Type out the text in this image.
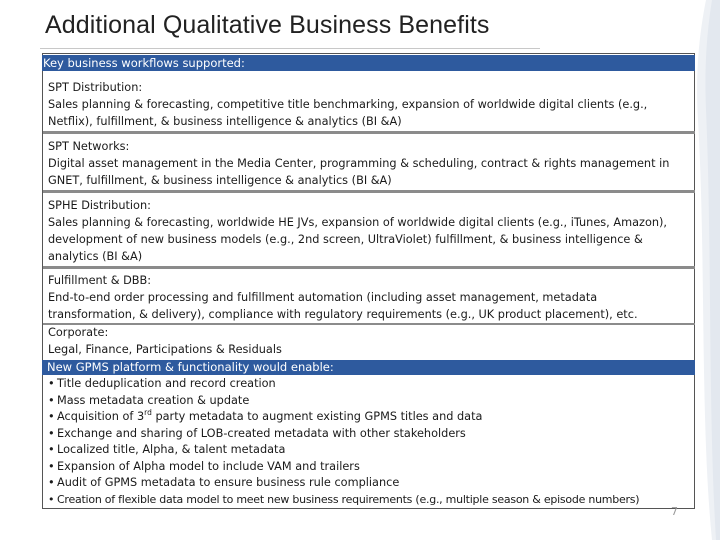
Additional Qualitative Business Benefits
Key business workflows supported:
SPT Distribution:
Sales planning & forecasting, competitive title benchmarking, expansion of worldwide digital clients (e.g.,
Netflix), fulfillment, & business intelligence & analytics (BI &A)
SPT Networks:
Digital asset management in the Media Center, programming & scheduling, contract & rights management in
GNET, fulfillment, & business intelligence & analytics (BI &A)
SPHE Distribution:
Sales planning & forecasting, worldwide HE JVs, expansion of worldwide digital clients (e.g., iTunes, Amazon),
development of new business models (e.g., 2nd screen, UltraViolet) fulfillment, & business intelligence &
analytics (BI &A)
Fulfillment & DBB:
End-to-end order processing and fulfillment automation (including asset management, metadata
transformation, & delivery), compliance with regulatory requirements (e.g., UK product placement), etc.
Corporate:
Legal, Finance, Participations & Residuals
New GPMS platform & functionality would enable:
• Title deduplication and record creation
• Mass metadata creation & update
• Acquisition of 3rd party metadata to augment existing GPMS titles and data
• Exchange and sharing of LOB-created metadata with other stakeholders
• Localized title, Alpha, & talent metadata
• Expansion of Alpha model to include VAM and trailers
• Audit of GPMS metadata to ensure business rule compliance
• Creation of flexible data model to meet new business requirements (e.g., multiple season & episode numbers)
7
